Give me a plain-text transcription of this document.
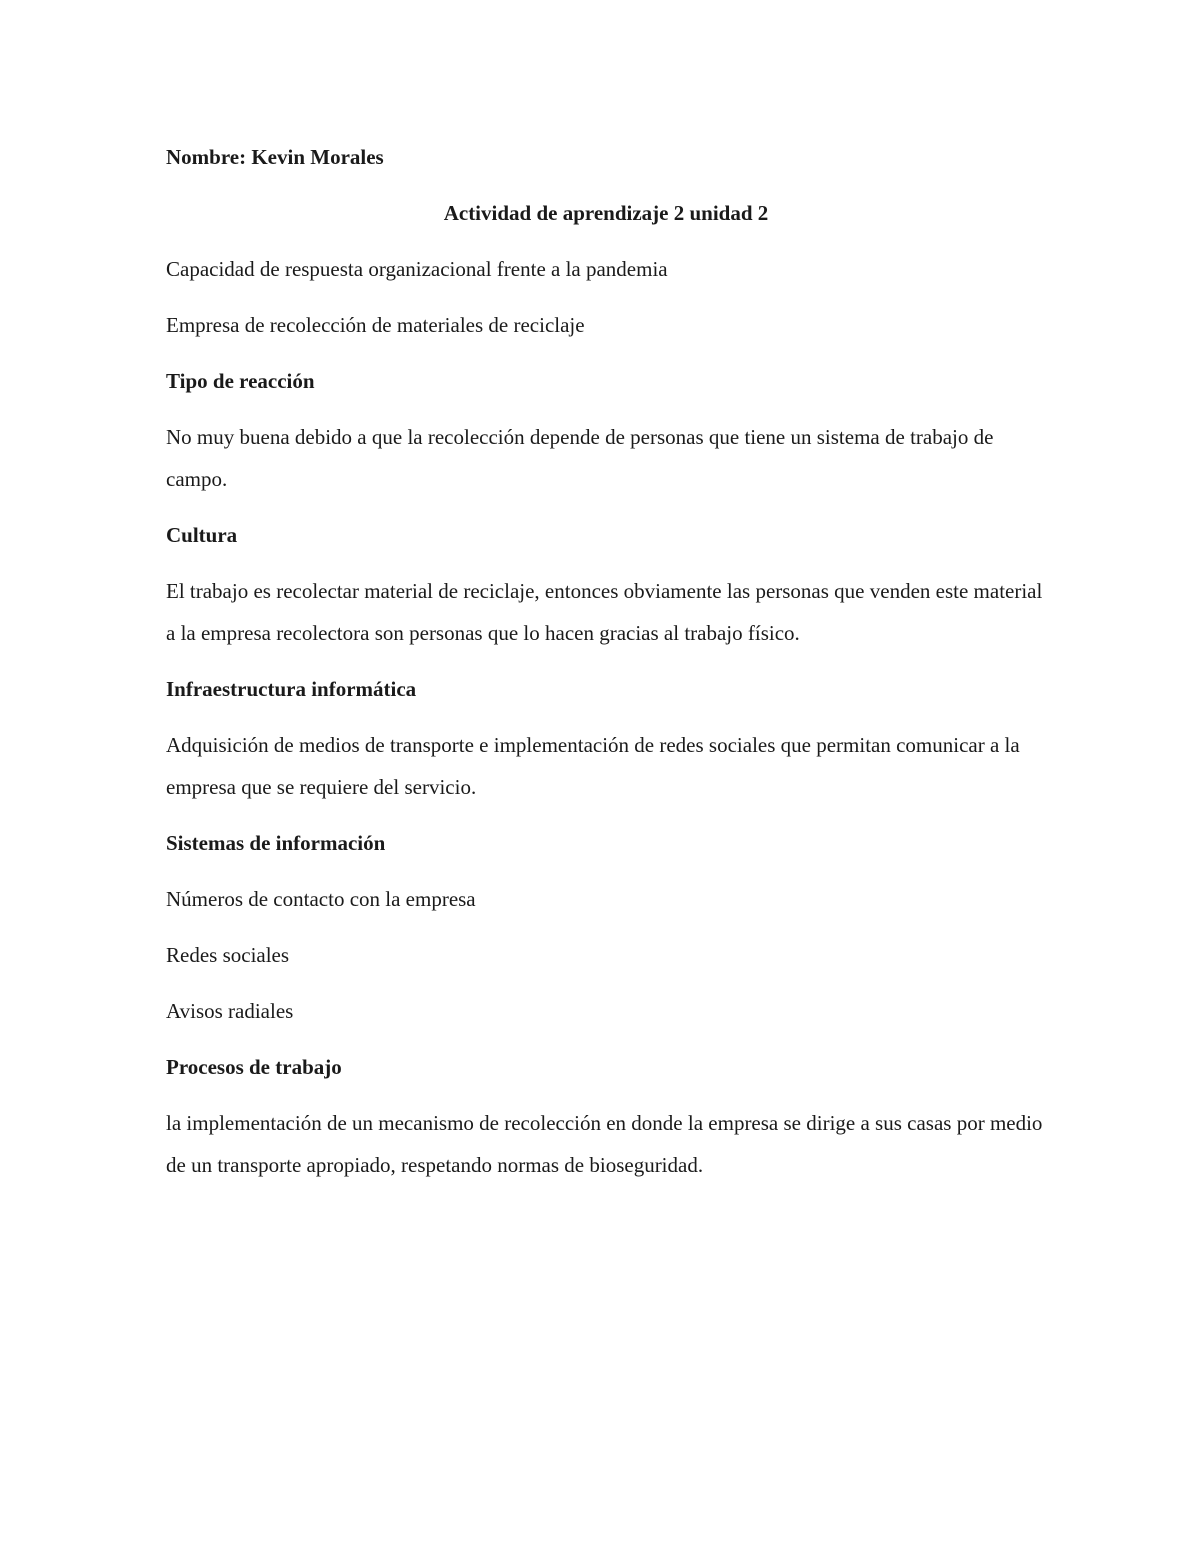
Nombre: Kevin Morales

Actividad de aprendizaje 2 unidad 2

Capacidad de respuesta organizacional frente a la pandemia

Empresa de recolección de materiales de reciclaje

Tipo de reacción

No muy buena debido a que la recolección depende de personas que tiene un sistema de trabajo de campo.

Cultura

El trabajo es recolectar material de reciclaje, entonces obviamente las personas que venden este material a la empresa recolectora son personas que lo hacen gracias al trabajo físico.

Infraestructura informática

Adquisición de medios de transporte e implementación de redes sociales que permitan comunicar a la empresa que se requiere del servicio.

Sistemas de información

Números de contacto con la empresa

Redes sociales

Avisos radiales

Procesos de trabajo

la implementación de un mecanismo de recolección en donde la empresa se dirige a sus casas por medio de un transporte apropiado, respetando normas de bioseguridad.
